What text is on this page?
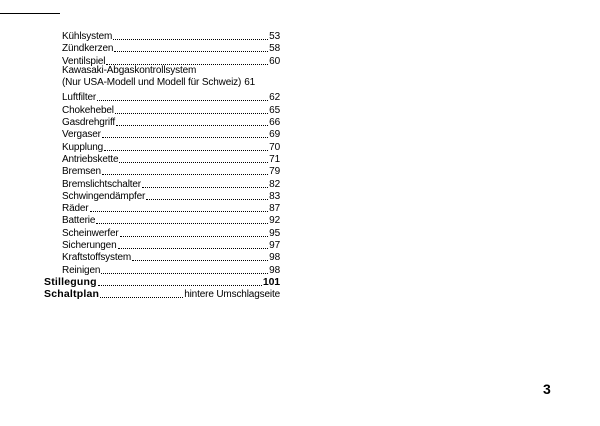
Kühlsystem	53
Zündkerzen	58
Ventilspiel	60
Kawasaki-Abgaskontrollsystem
(Nur USA-Modell und Modell für Schweiz) 61
Luftfilter	62
Chokehebel	65
Gasdrehgriff	66
Vergaser	69
Kupplung	70
Antriebskette	71
Bremsen	79
Bremslichtschalter	82
Schwingendämpfer	83
Räder	87
Batterie	92
Scheinwerfer	95
Sicherungen	97
Kraftstoffsystem	98
Reinigen	98
Stillegung	101
Schaltplan	hintere Umschlagseite
3
